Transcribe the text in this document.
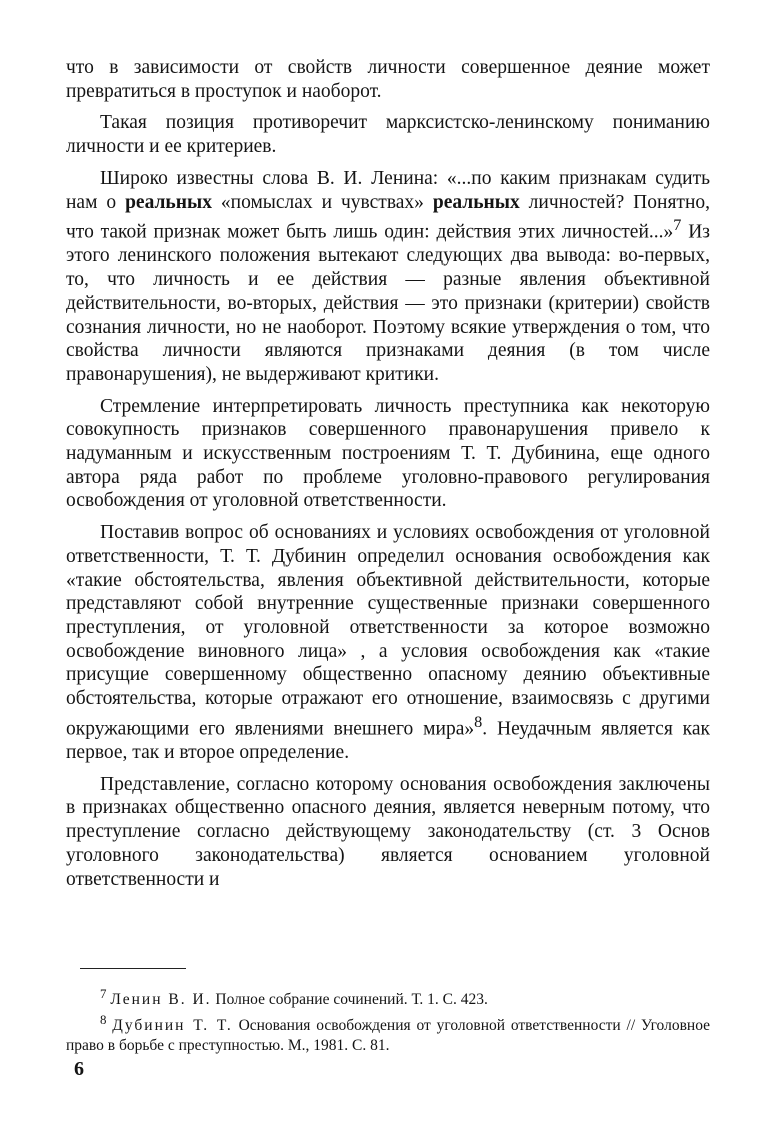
что в зависимости от свойств личности совершенное деяние может превратиться в проступок и наоборот.

Такая позиция противоречит марксистско-ленинскому пониманию личности и ее критериев.

Широко известны слова В. И. Ленина: «...по каким признакам судить нам о реальных «помыслах и чувствах» реальных личностей? Понятно, что такой признак может быть лишь один: действия этих личностей...»$^7$ Из этого ленинского положения вытекают следующих два вывода: во-первых, то, что личность и ее действия — разные явления объективной действительности, во-вторых, действия — это признаки (критерии) свойств сознания личности, но не наоборот. Поэтому всякие утверждения о том, что свойства личности являются признаками деяния (в том числе правонарушения), не выдерживают критики.

Стремление интерпретировать личность преступника как некоторую совокупность признаков совершенного правонарушения привело к надуманным и искусственным построениям Т. Т. Дубинина, еще одного автора ряда работ по проблеме уголовно-правового регулирования освобождения от уголовной ответственности.

Поставив вопрос об основаниях и условиях освобождения от уголовной ответственности, Т. Т. Дубинин определил основания освобождения как «такие обстоятельства, явления объективной действительности, которые представляют собой внутренние существенные признаки совершенного преступления, от уголовной ответственности за которое возможно освобождение виновного лица» , а условия освобождения как «такие присущие совершенному общественно опасному деянию объективные обстоятельства, которые отражают его отношение, взаимосвязь с другими окружающими его явлениями внешнего мира»$^8$. Неудачным является как первое, так и второе определение.

Представление, согласно которому основания освобождения заключены в признаках общественно опасного деяния, является неверным потому, что преступление согласно действующему законодательству (ст. 3 Основ уголовного законодательства) является основанием уголовной ответственности и

$^7$ Ленин В. И. Полное собрание сочинений. Т. 1. С. 423.

$^8$ Дубинин Т. Т. Основания освобождения от уголовной ответственности // Уголовное право в борьбе с преступностью. М., 1981. С. 81.

6
